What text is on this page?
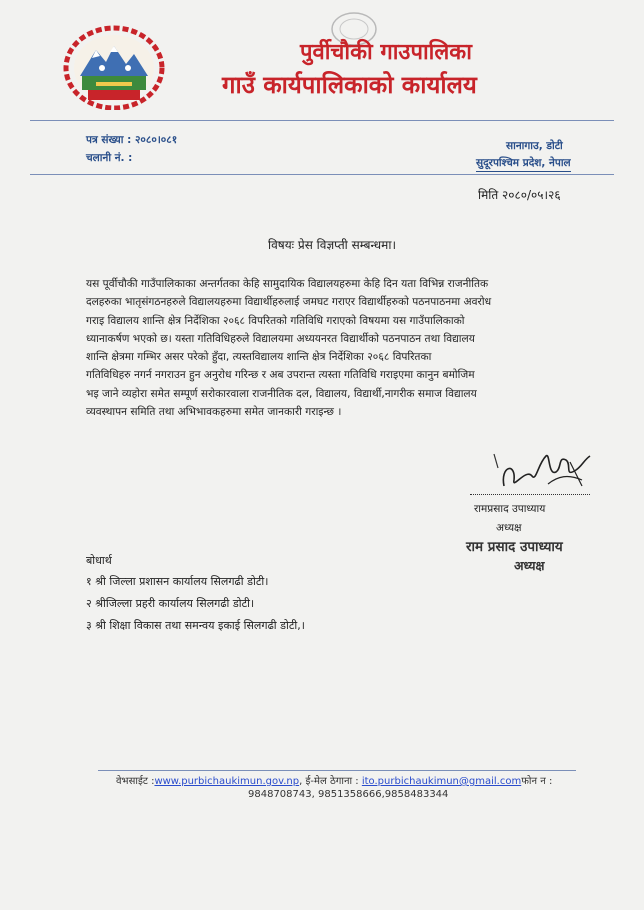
पुर्वीचौकी गाउपालिका
गाउँ कार्यपालिकाको कार्यालय
पत्र संख्या : २०८०।०८१
चलानी नं. :
सानागाउ, डोटी
सुदूरपश्चिम प्रदेश, नेपाल
मिति २०८०/०५।२६
विषयः प्रेस विज्ञप्ती सम्बन्धमा।
यस पूर्वीचौकी गाउँपालिकाका अन्तर्गतका केहि सामुदायिक विद्यालयहरुमा केहि दिन यता विभिन्न राजनीतिक
दलहरुका भातृसंगठनहरुले विद्यालयहरुमा विद्यार्थीहरुलाई जमघट गराएर विद्यार्थीहरुको पठनपाठनमा अवरोध
गराइ विद्यालय शान्ति क्षेत्र निर्देशिका २०६८ विपरितको गतिविधि गराएको विषयमा यस गाउँपालिकाको
ध्यानाकर्षण भएको छ। यस्ता गतिविधिहरुले विद्यालयमा अध्ययनरत विद्यार्थीको पठनपाठन तथा विद्यालय
शान्ति क्षेत्रमा गम्भिर असर परेको हुँदा, त्यस्तविद्यालय शान्ति क्षेत्र निर्देशिका २०६८ विपरितका
गतिविधिहरु नगर्न नगराउन हुन अनुरोध गरिन्छ र अब उपरान्त त्यस्ता गतिविधि गराइएमा कानुन बमोजिम
भइ जाने व्यहोरा समेत सम्पूर्ण सरोकारवाला राजनीतिक दल, विद्यालय, विद्यार्थी,नागरीक समाज विद्यालय
व्यवस्थापन समिति तथा अभिभावकहरुमा समेत जानकारी गराइन्छ ।
रामप्रसाद उपाध्याय
अध्यक्ष
राम प्रसाद उपाध्याय
अध्यक्ष
बोधार्थ
१ श्री जिल्ला प्रशासन कार्यालय सिलगढी डोटी।
२ श्रीजिल्ला प्रहरी कार्यालय सिलगढी डोटी।
३ श्री शिक्षा विकास तथा समन्वय इकाई सिलगढी डोटी,।
वेभसाईट :www.purbichaukimun.gov.np, ई-मेल ठेगाना : ito.purbichaukimun@gmail.comफोन न :
9848708743, 9851358666,9858483344
